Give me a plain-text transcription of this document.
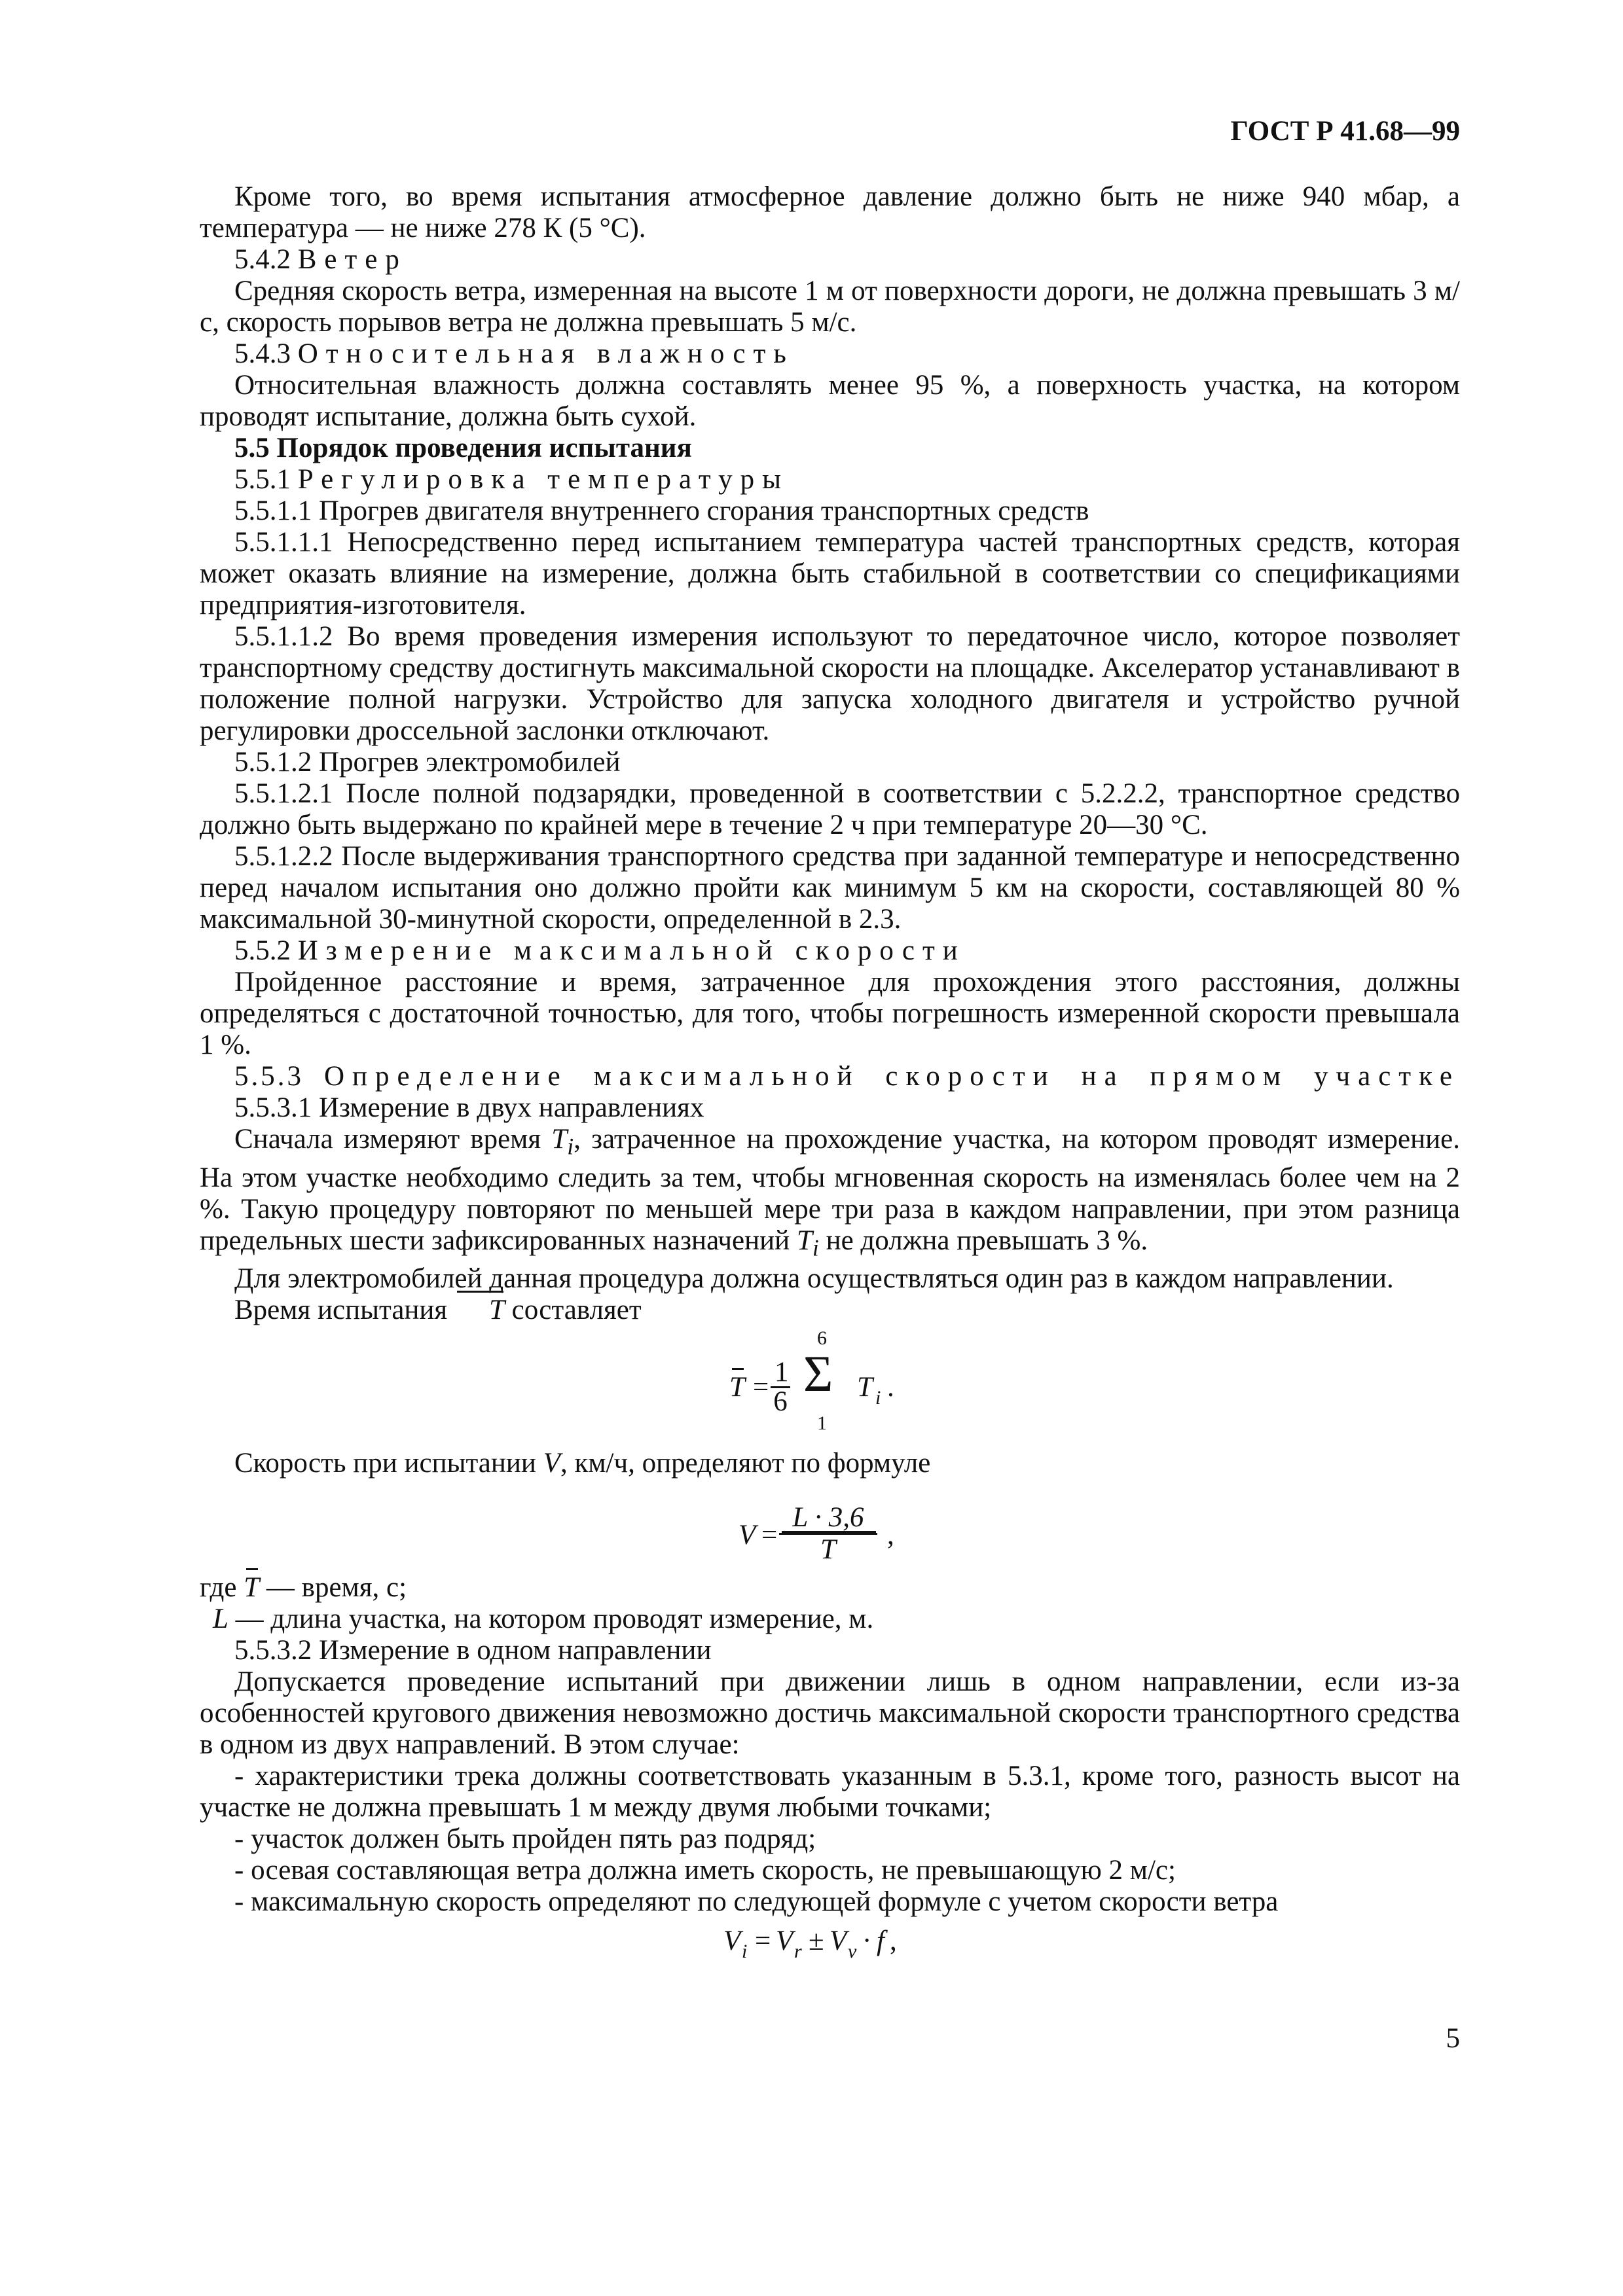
ГОСТ Р 41.68—99

Кроме того, во время испытания атмосферное давление должно быть не ниже 940 мбар, а температура — не ниже 278 К (5 °С).

5.4.2 Ветер

Средняя скорость ветра, измеренная на высоте 1 м от поверхности дороги, не должна превышать 3 м/с, скорость порывов ветра не должна превышать 5 м/с.

5.4.3 Относительная влажность

Относительная влажность должна составлять менее 95 %, а поверхность участка, на котором проводят испытание, должна быть сухой.

5.5 Порядок проведения испытания

5.5.1 Регулировка температуры

5.5.1.1 Прогрев двигателя внутреннего сгорания транспортных средств

5.5.1.1.1 Непосредственно перед испытанием температура частей транспортных средств, которая может оказать влияние на измерение, должна быть стабильной в соответствии со спецификациями предприятия-изготовителя.

5.5.1.1.2 Во время проведения измерения используют то передаточное число, которое позволяет транспортному средству достигнуть максимальной скорости на площадке. Акселератор устанавливают в положение полной нагрузки. Устройство для запуска холодного двигателя и устройство ручной регулировки дроссельной заслонки отключают.

5.5.1.2 Прогрев электромобилей

5.5.1.2.1 После полной подзарядки, проведенной в соответствии с 5.2.2.2, транспортное средство должно быть выдержано по крайней мере в течение 2 ч при температуре 20—30 °С.

5.5.1.2.2 После выдерживания транспортного средства при заданной температуре и непосредственно перед началом испытания оно должно пройти как минимум 5 км на скорости, составляющей 80 % максимальной 30-минутной скорости, определенной в 2.3.

5.5.2 Измерение максимальной скорости

Пройденное расстояние и время, затраченное для прохождения этого расстояния, должны определяться с достаточной точностью, для того, чтобы погрешность измеренной скорости превышала 1 %.

5.5.3 Определение максимальной скорости на прямом участке

5.5.3.1 Измерение в двух направлениях

Сначала измеряют время $T_i$, затраченное на прохождение участка, на котором проводят измерение. На этом участке необходимо следить за тем, чтобы мгновенная скорость на изменялась более чем на 2 %. Такую процедуру повторяют по меньшей мере три раза в каждом направлении, при этом разница предельных шести зафиксированных назначений $T_i$ не должна превышать 3 %.

Для электромобилей данная процедура должна осуществляться один раз в каждом направлении.

Время испытания T составляет

$T = \frac{1}{6}$
6
Σ
1
T i .

Скорость при испытании V, км/ч, определяют по формуле

$V = \frac{L \cdot 3,6}{T}$ ,

где T — время, с;

L — длина участка, на котором проводят измерение, м.

5.5.3.2 Измерение в одном направлении

Допускается проведение испытаний при движении лишь в одном направлении, если из-за особенностей кругового движения невозможно достичь максимальной скорости транспортного средства в одном из двух направлений. В этом случае:

- характеристики трека должны соответствовать указанным в 5.3.1, кроме того, разность высот на участке не должна превышать 1 м между двумя любыми точками;

- участок должен быть пройден пять раз подряд;

- осевая составляющая ветра должна иметь скорость, не превышающую 2 м/с;

- максимальную скорость определяют по следующей формуле с учетом скорости ветра

V i = V r ± V v · f ,
5
